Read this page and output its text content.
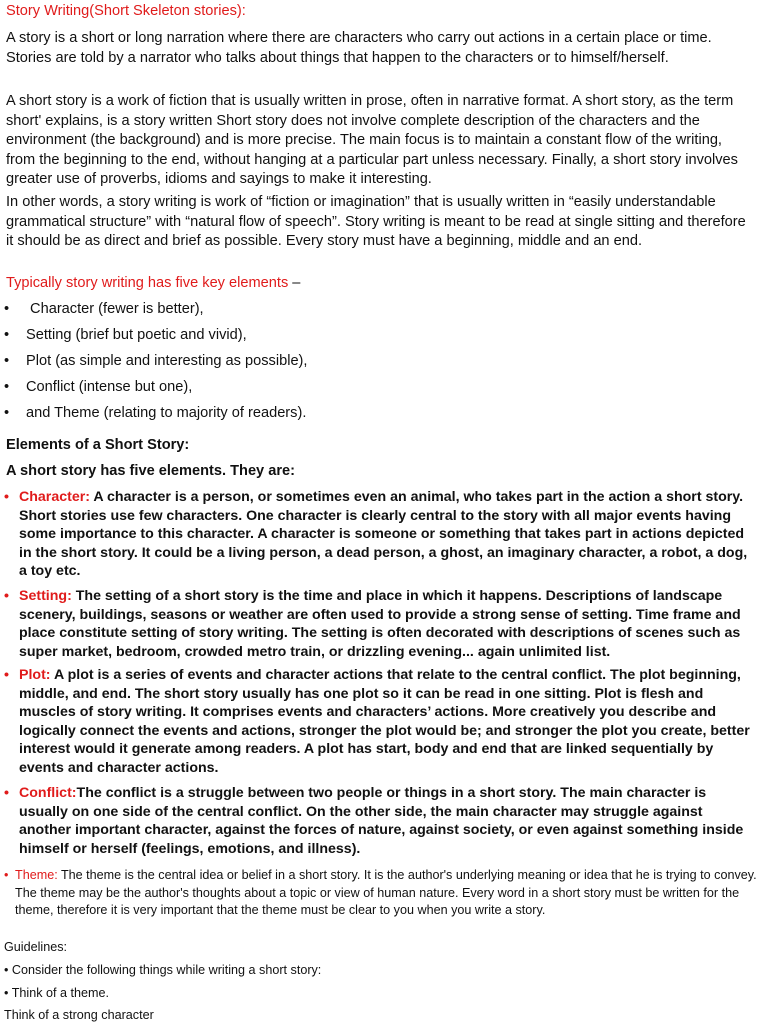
Story Writing(Short Skeleton stories):

A story is a short or long narration where there are characters who carry out actions in a certain place or time. Stories are told by a narrator who talks about things that happen to the characters or to himself/herself.

A short story is a work of fiction that is usually written in prose, often in narrative format. A short story, as the term short' explains, is a story written Short story does not involve complete description of the characters and the environment (the background) and is more precise. The main focus is to maintain a constant flow of the writing, from the beginning to the end, without hanging at a particular part unless necessary. Finally, a short story involves greater use of proverbs, idioms and sayings to make it interesting.

In other words, a story writing is work of “fiction or imagination” that is usually written in “easily understandable grammatical structure” with “natural flow of speech”. Story writing is meant to be read at single sitting and therefore it should be as direct and brief as possible. Every story must have a beginning, middle and an end.

Typically story writing has five key elements –

• Character (fewer is better),

• Setting (brief but poetic and vivid),

• Plot (as simple and interesting as possible),

• Conflict (intense but one),

• and Theme (relating to majority of readers).

Elements of a Short Story:

A short story has five elements. They are:

• Character: A character is a person, or sometimes even an animal, who takes part in the action a short story. Short stories use few characters. One character is clearly central to the story with all major events having some importance to this character. A character is someone or something that takes part in actions depicted in the short story. It could be a living person, a dead person, a ghost, an imaginary character, a robot, a dog, a toy etc.

• Setting: The setting of a short story is the time and place in which it happens. Descriptions of landscape scenery, buildings, seasons or weather are often used to provide a strong sense of setting. Time frame and place constitute setting of story writing. The setting is often decorated with descriptions of scenes such as super market, bedroom, crowded metro train, or drizzling evening... again unlimited list.

• Plot: A plot is a series of events and character actions that relate to the central conflict. The plot beginning, middle, and end. The short story usually has one plot so it can be read in one sitting. Plot is flesh and muscles of story writing. It comprises events and characters’ actions. More creatively you describe and logically connect the events and actions, stronger the plot would be; and stronger the plot you create, better interest would it generate among readers. A plot has start, body and end that are linked sequentially by events and character actions.

• Conflict:The conflict is a struggle between two people or things in a short story. The main character is usually on one side of the central conflict. On the other side, the main character may struggle against another important character, against the forces of nature, against society, or even against something inside himself or herself (feelings, emotions, and illness).

• Theme: The theme is the central idea or belief in a short story. It is the author's underlying meaning or idea that he is trying to convey. The theme may be the author's thoughts about a topic or view of human nature. Every word in a short story must be written for the theme, therefore it is very important that the theme must be clear to you when you write a story.

Guidelines:

• Consider the following things while writing a short story:

• Think of a theme.

Think of a strong character
